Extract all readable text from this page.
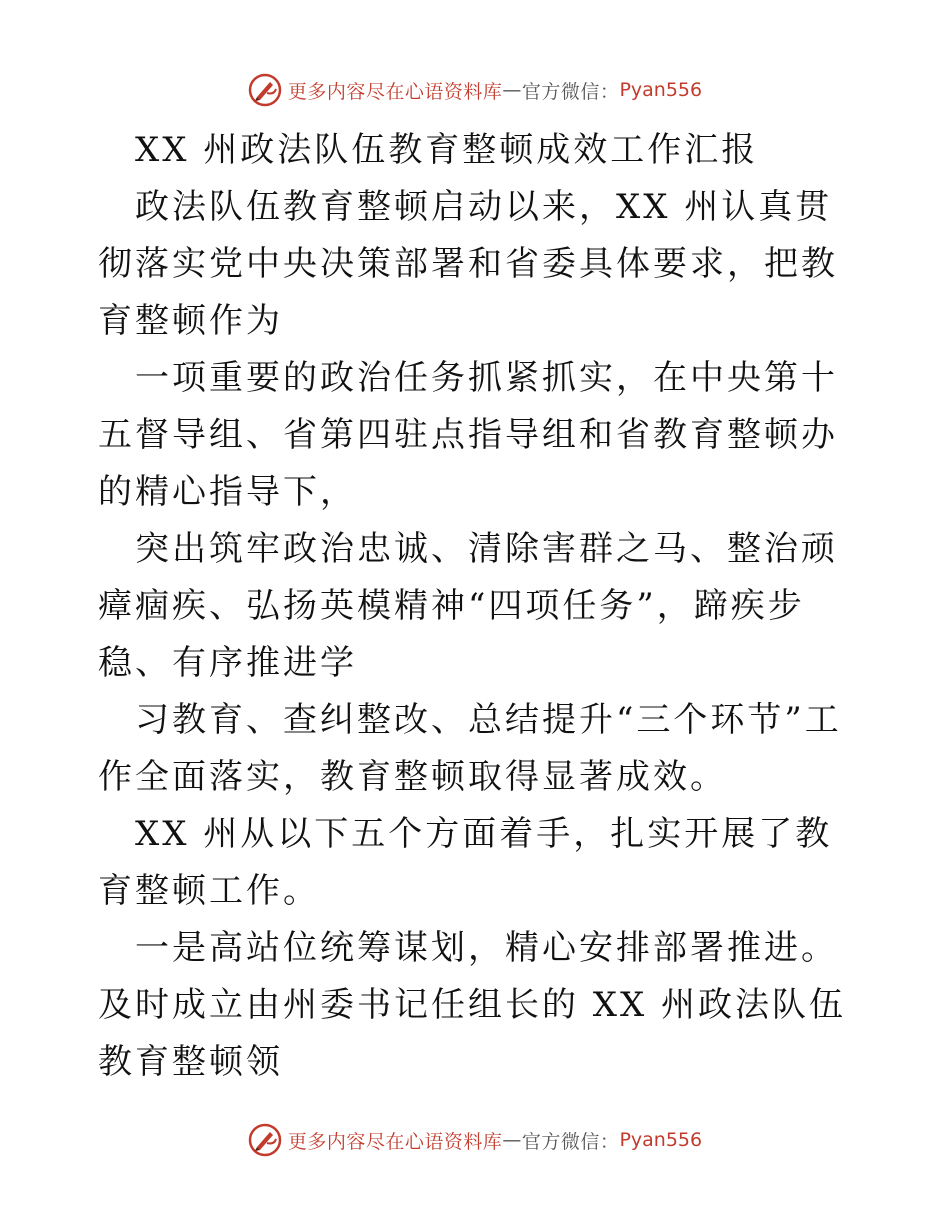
更多内容尽在心语资料库 — 官方微信： Pyan556

XX 州政法队伍教育整顿成效工作汇报

政法队伍教育整顿启动以来，XX 州认真贯彻落实党中央决策部署和省委具体要求，把教育整顿作为

一项重要的政治任务抓紧抓实，在中央第十五督导组、省第四驻点指导组和省教育整顿办的精心指导下，

突出筑牢政治忠诚、清除害群之马、整治顽瘴痼疾、弘扬英模精神“四项任务”，蹄疾步稳、有序推进学

习教育、查纠整改、总结提升“三个环节”工作全面落实，教育整顿取得显著成效。

XX 州从以下五个方面着手，扎实开展了教育整顿工作。

一是高站位统筹谋划，精心安排部署推进。及时成立由州委书记任组长的 XX 州政法队伍教育整顿领

更多内容尽在心语资料库 — 官方微信： Pyan556
